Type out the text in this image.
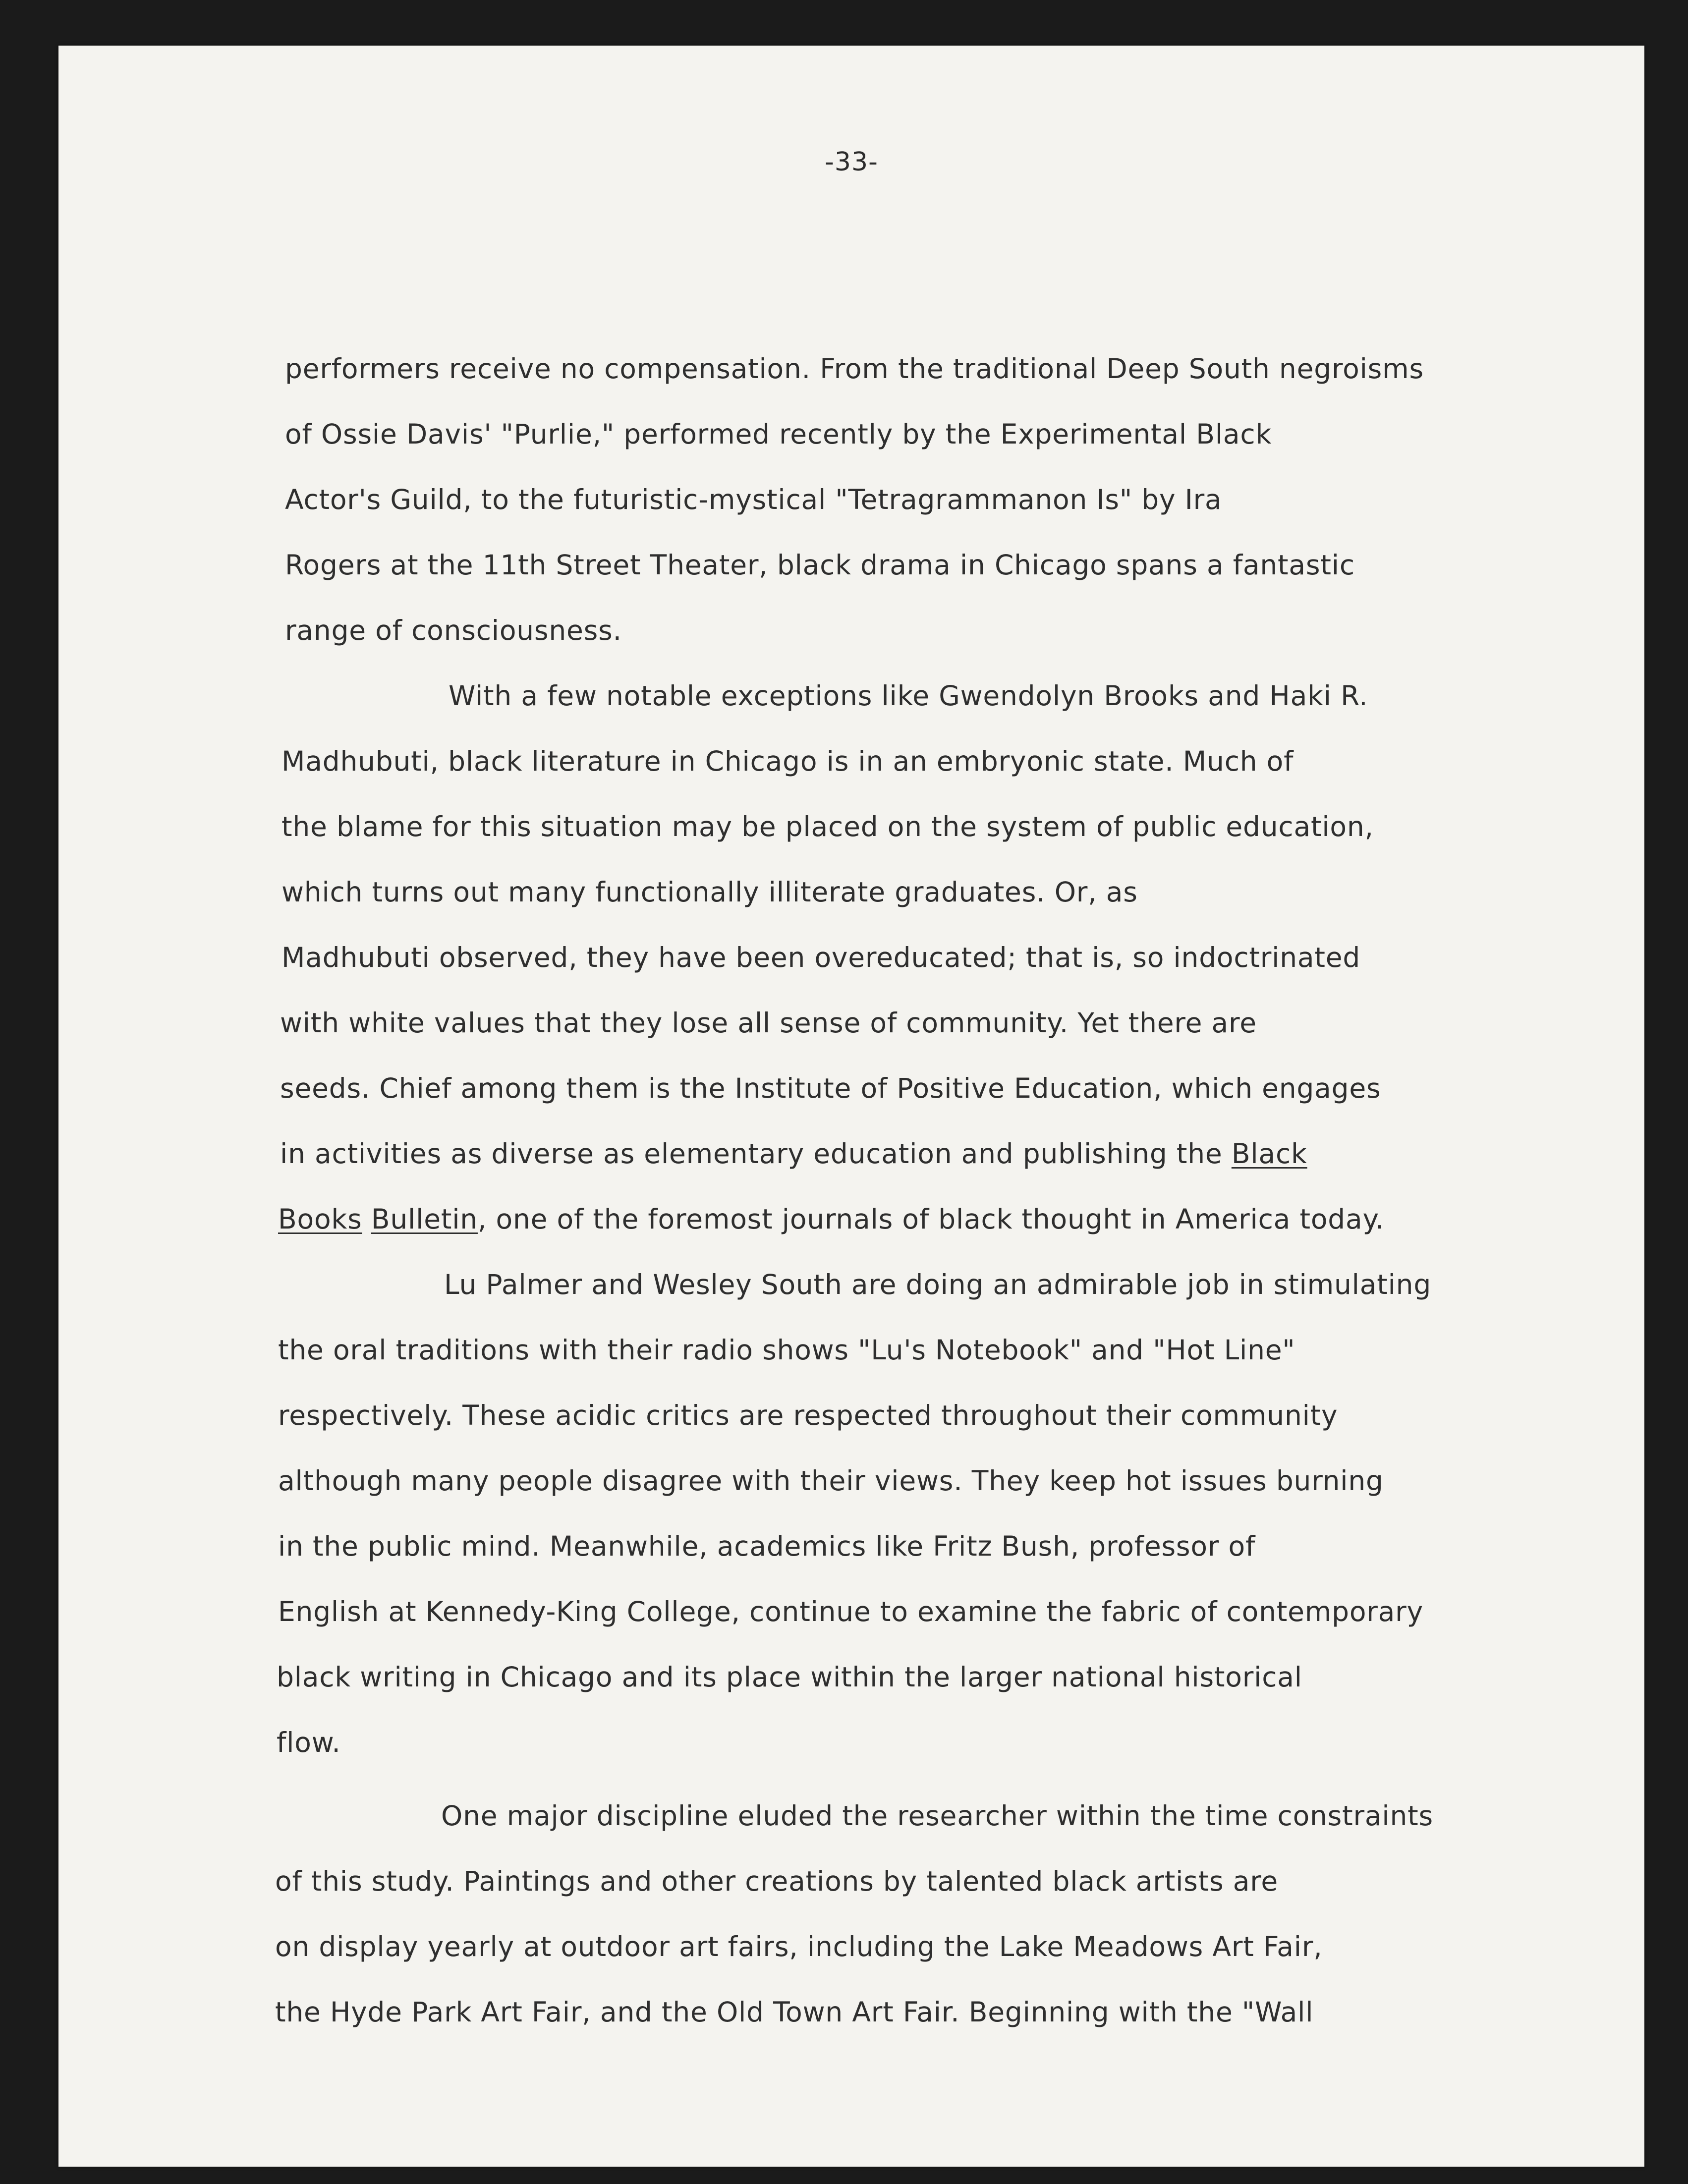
-33-
performers receive no compensation. From the traditional Deep South negroisms
of Ossie Davis' "Purlie," performed recently by the Experimental Black
Actor's Guild, to the futuristic-mystical "Tetragrammanon Is" by Ira
Rogers at the 11th Street Theater, black drama in Chicago spans a fantastic
range of consciousness.
With a few notable exceptions like Gwendolyn Brooks and Haki R.
Madhubuti, black literature in Chicago is in an embryonic state. Much of
the blame for this situation may be placed on the system of public education,
which turns out many functionally illiterate graduates. Or, as
Madhubuti observed, they have been overeducated; that is, so indoctrinated
with white values that they lose all sense of community. Yet there are
seeds. Chief among them is the Institute of Positive Education, which engages
in activities as diverse as elementary education and publishing the Black
Books Bulletin, one of the foremost journals of black thought in America today.
Lu Palmer and Wesley South are doing an admirable job in stimulating
the oral traditions with their radio shows "Lu's Notebook" and "Hot Line"
respectively. These acidic critics are respected throughout their community
although many people disagree with their views. They keep hot issues burning
in the public mind. Meanwhile, academics like Fritz Bush, professor of
English at Kennedy-King College, continue to examine the fabric of contemporary
black writing in Chicago and its place within the larger national historical
flow.
One major discipline eluded the researcher within the time constraints
of this study. Paintings and other creations by talented black artists are
on display yearly at outdoor art fairs, including the Lake Meadows Art Fair,
the Hyde Park Art Fair, and the Old Town Art Fair. Beginning with the "Wall
